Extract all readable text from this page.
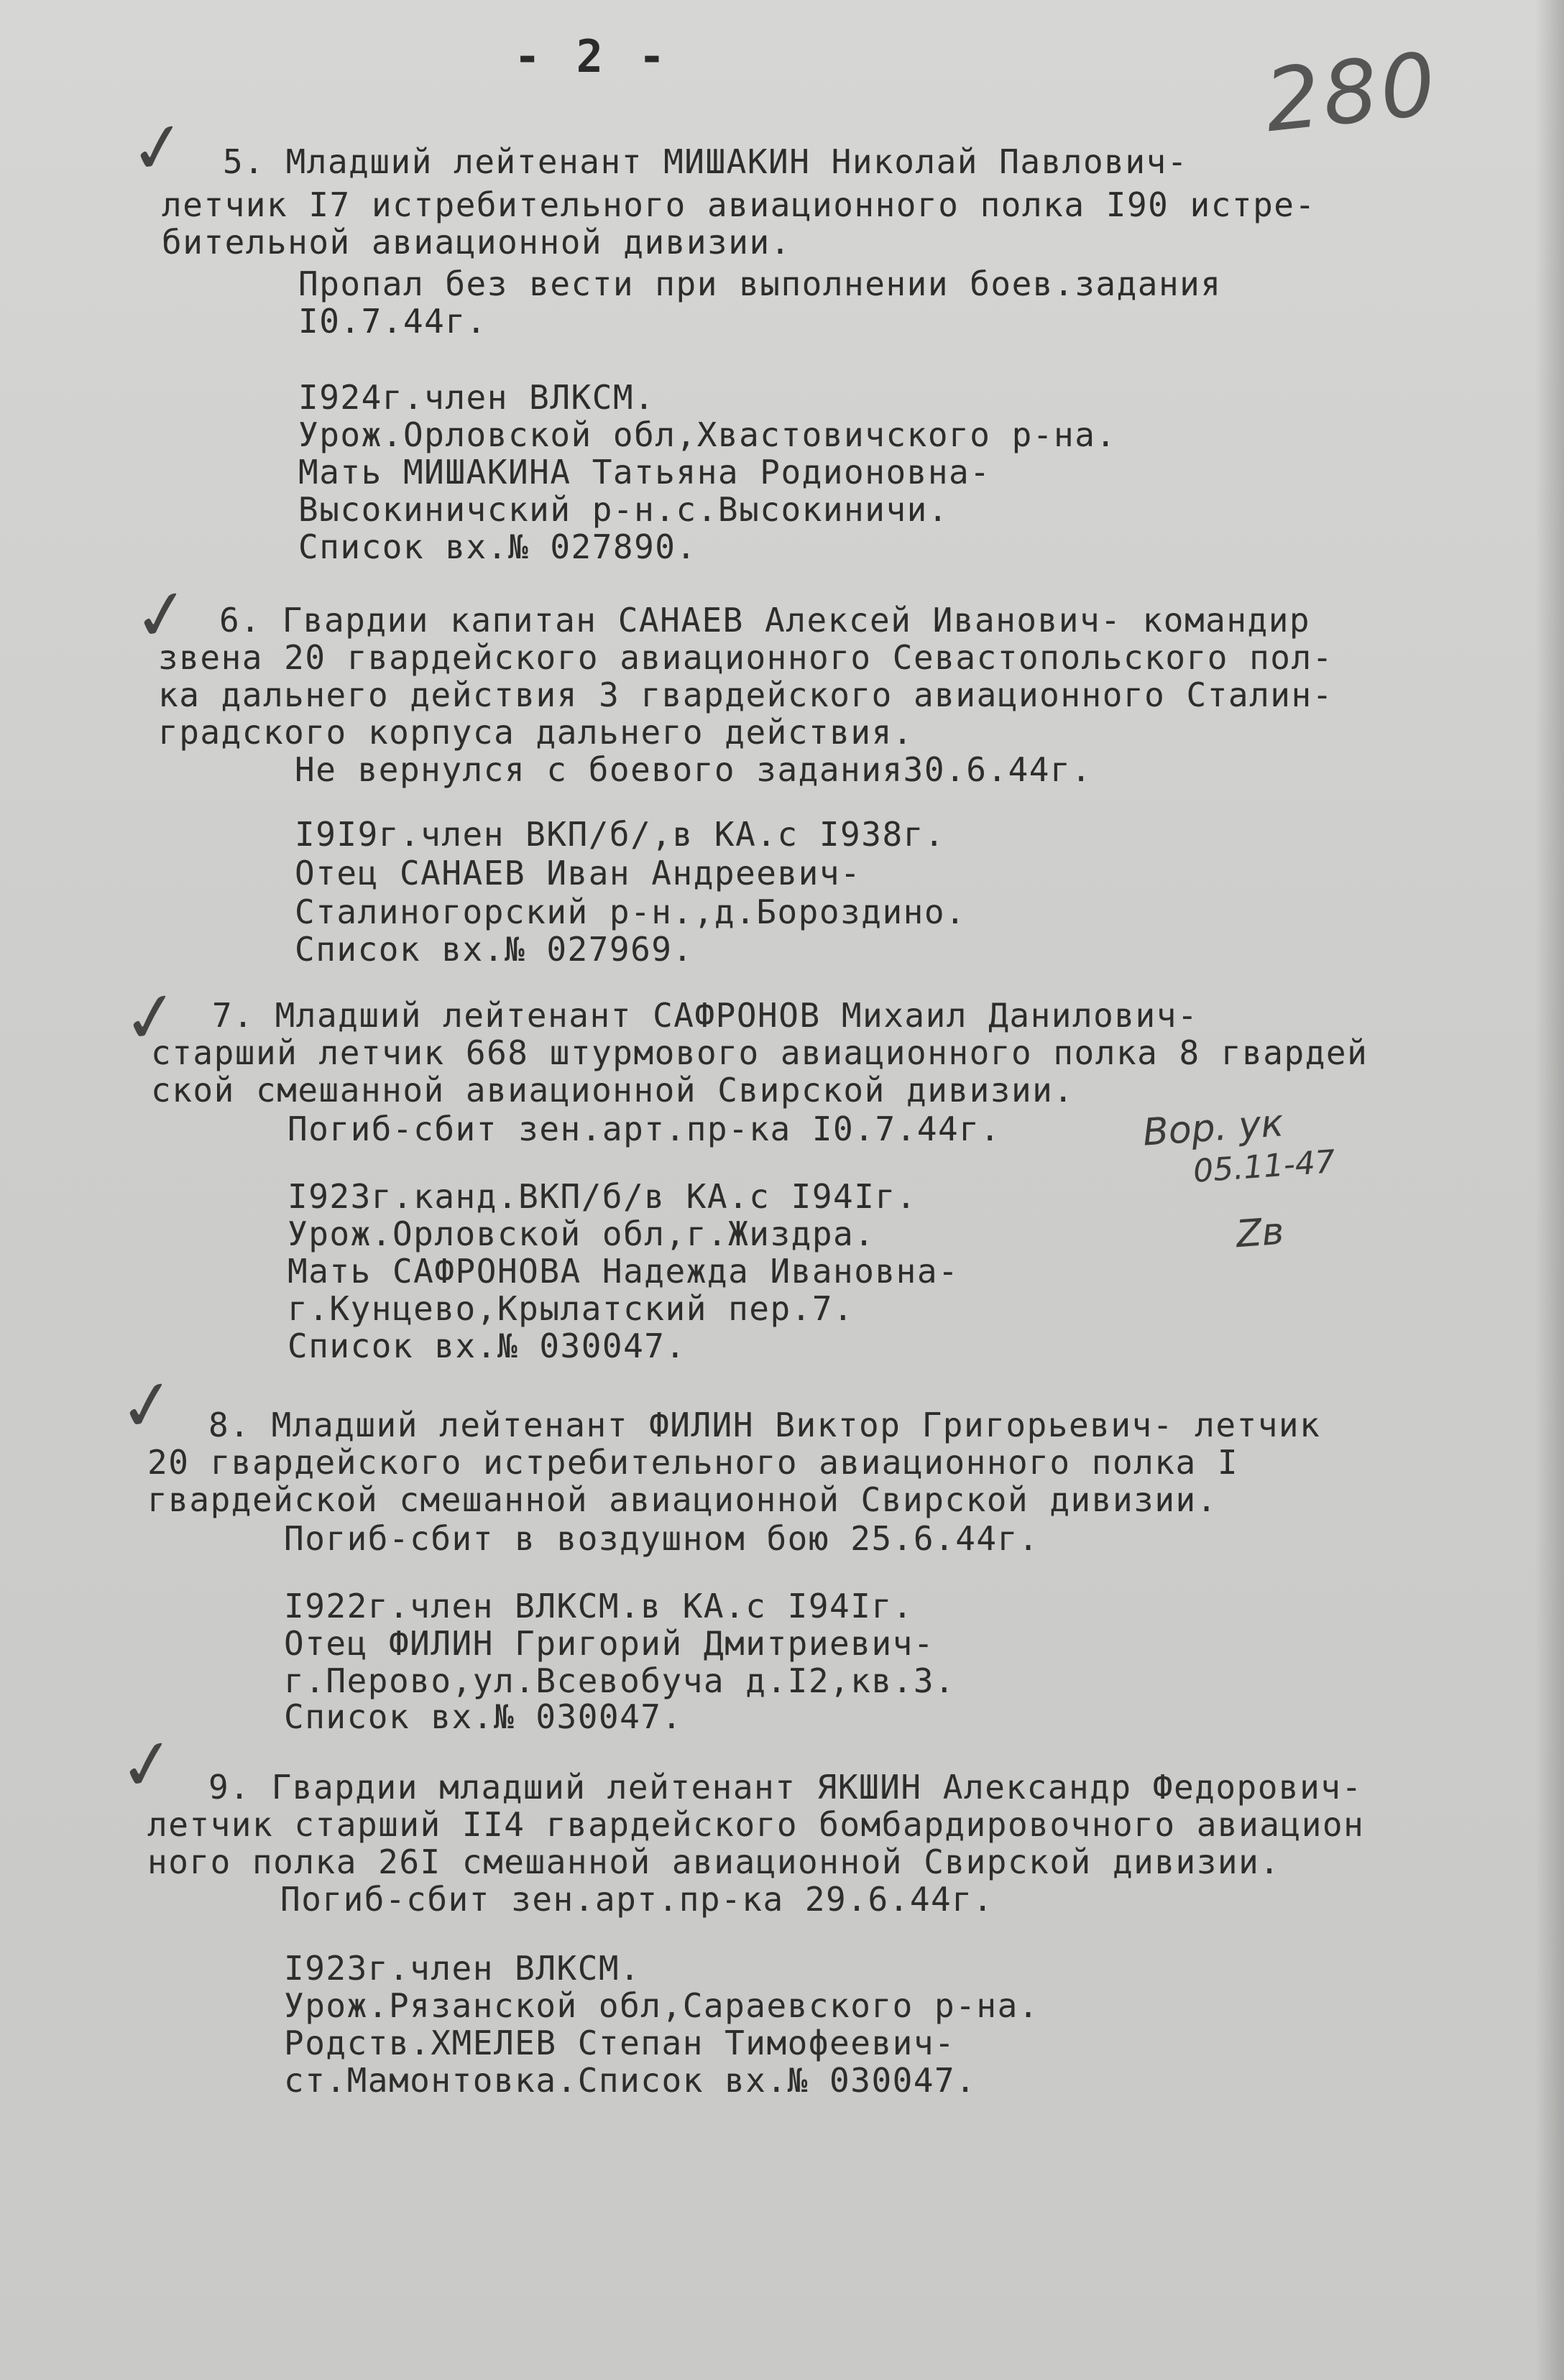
- 2 -	280
✓ 5. Младший лейтенант МИШАКИН Николай Павлович-
летчик I7 истребительного авиационного полка I90 истре-
бительной авиационной дивизии.
Пропал без вести при выполнении боев.задания
I0.7.44г.
I924г.член ВЛКСМ.
Урож.Орловской обл,Хвастовичского р-на.
Мать МИШАКИНА Татьяна Родионовна-
Высокиничский р-н.с.Высокиничи.
Список вх.№ 027890.
✓ 6. Гвардии капитан САНАЕВ Алексей Иванович- командир
звена 20 гвардейского авиационного Севастопольского пол-
ка дальнего действия 3 гвардейского авиационного Сталин-
градского корпуса дальнего действия.
Не вернулся с боевого задания30.6.44г.
I9I9г.член ВКП/б/,в КА.с I938г.
Отец САНАЕВ Иван Андреевич-
Сталиногорский р-н.,д.Бороздино.
Список вх.№ 027969.
✓ 7. Младший лейтенант САФРОНОВ Михаил Данилович-
старший летчик 668 штурмового авиационного полка 8 гвардей
ской смешанной авиационной Свирской дивизии.
Погиб-сбит зен.арт.пр-ка I0.7.44г.
I923г.канд.ВКП/б/в КА.с I94Iг.
Урож.Орловской обл,г.Жиздра.
Мать САФРОНОВА Надежда Ивановна-
г.Кунцево,Крылатский пер.7.
Список вх.№ 030047.
Вор. ук
05.11-47
Zв
✓ 8. Младший лейтенант ФИЛИН Виктор Григорьевич- летчик
20 гвардейского истребительного авиационного полка I
гвардейской смешанной авиационной Свирской дивизии.
Погиб-сбит в воздушном бою 25.6.44г.
I922г.член ВЛКСМ.в КА.с I94Iг.
Отец ФИЛИН Григорий Дмитриевич-
г.Перово,ул.Всевобуча д.I2,кв.3.
Список вх.№ 030047.
✓ 9. Гвардии младший лейтенант ЯКШИН Александр Федорович-
летчик старший II4 гвардейского бомбардировочного авиацион
ного полка 26I смешанной авиационной Свирской дивизии.
Погиб-сбит зен.арт.пр-ка 29.6.44г.
I923г.член ВЛКСМ.
Урож.Рязанской обл,Сараевского р-на.
Родств.ХМЕЛЕВ Степан Тимофеевич-
ст.Мамонтовка.Список вх.№ 030047.
